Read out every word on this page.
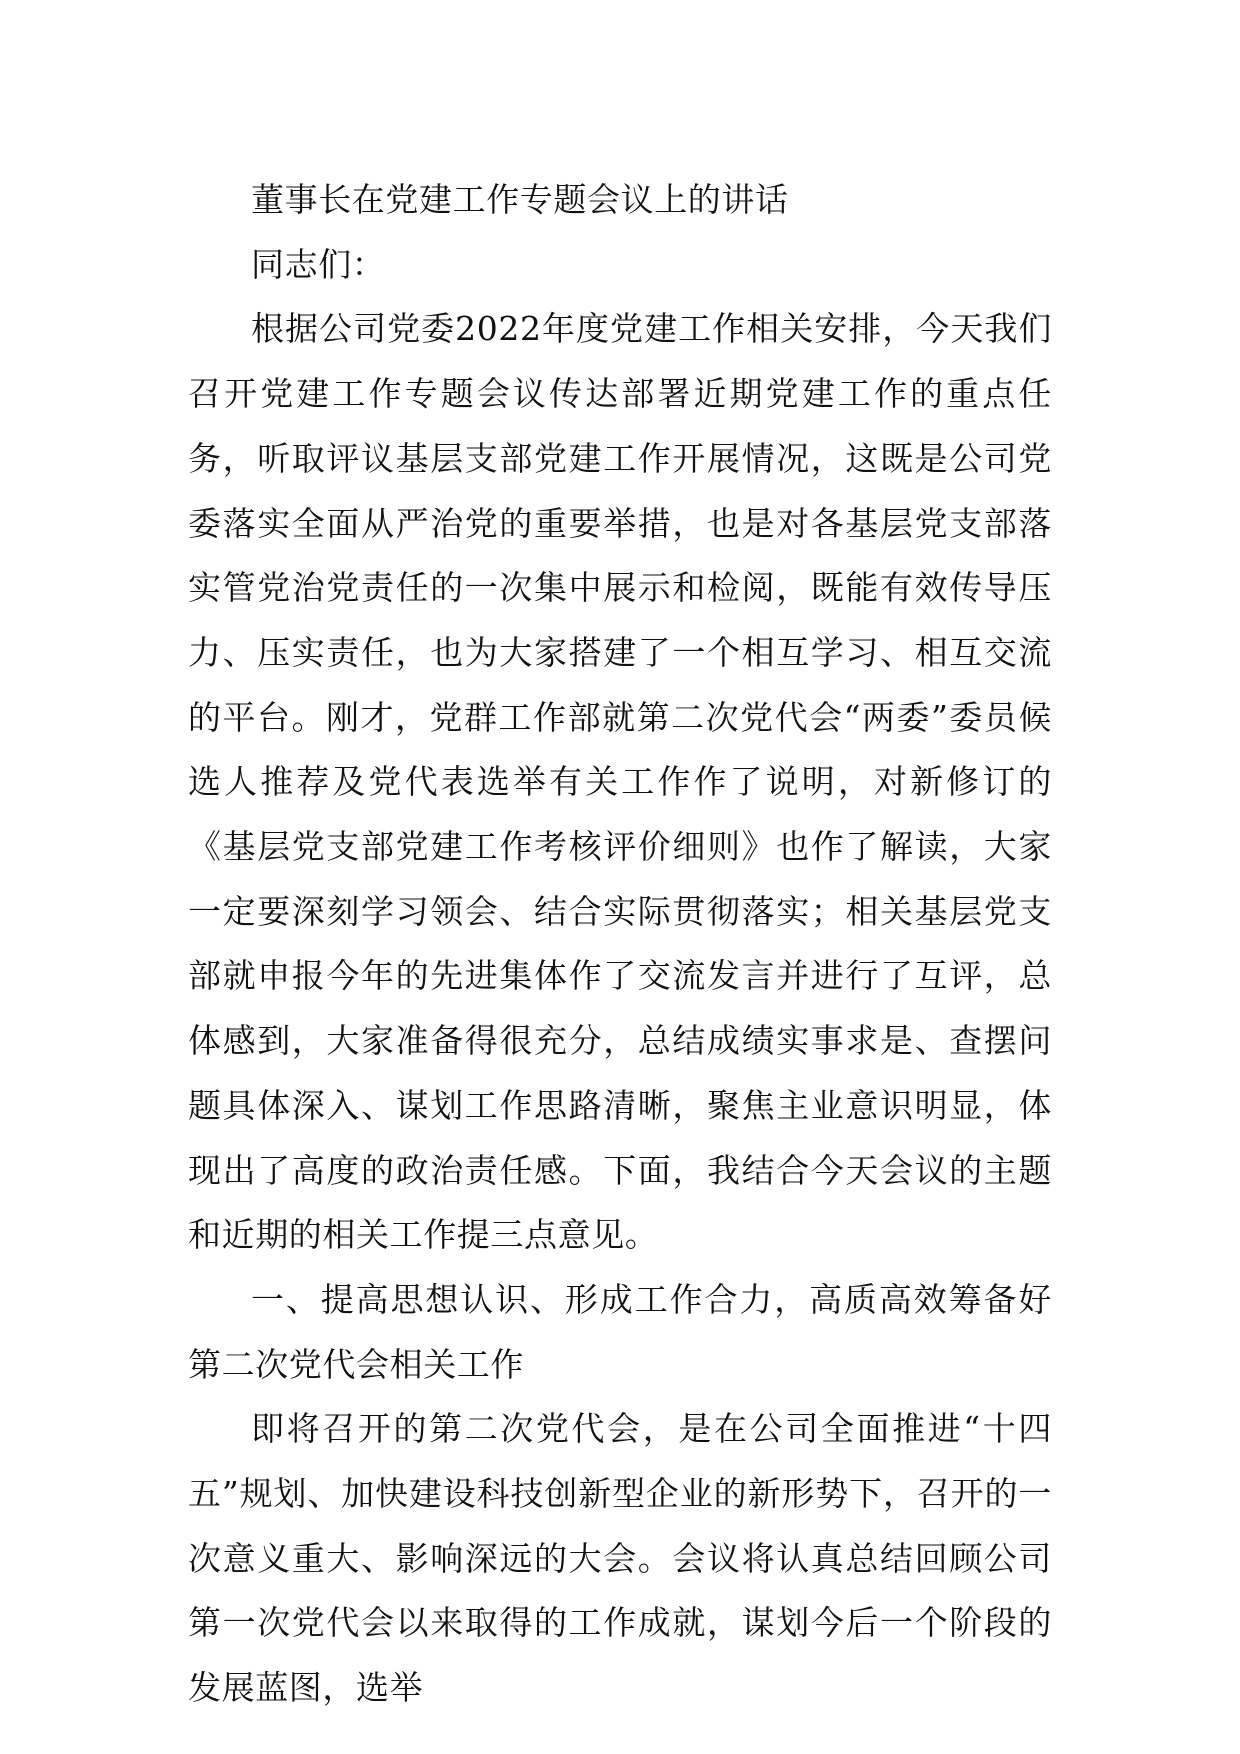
董事长在党建工作专题会议上的讲话

同志们：

根据公司党委2022年度党建工作相关安排，今天我们召开党建工作专题会议传达部署近期党建工作的重点任务，听取评议基层支部党建工作开展情况，这既是公司党委落实全面从严治党的重要举措，也是对各基层党支部落实管党治党责任的一次集中展示和检阅，既能有效传导压力、压实责任，也为大家搭建了一个相互学习、相互交流的平台。刚才，党群工作部就第二次党代会“两委”委员候选人推荐及党代表选举有关工作作了说明，对新修订的《基层党支部党建工作考核评价细则》也作了解读，大家一定要深刻学习领会、结合实际贯彻落实；相关基层党支部就申报今年的先进集体作了交流发言并进行了互评，总体感到，大家准备得很充分，总结成绩实事求是、查摆问题具体深入、谋划工作思路清晰，聚焦主业意识明显，体现出了高度的政治责任感。下面，我结合今天会议的主题和近期的相关工作提三点意见。

一、提高思想认识、形成工作合力，高质高效筹备好第二次党代会相关工作

即将召开的第二次党代会，是在公司全面推进“十四五”规划、加快建设科技创新型企业的新形势下，召开的一次意义重大、影响深远的大会。会议将认真总结回顾公司第一次党代会以来取得的工作成就，谋划今后一个阶段的发展蓝图，选举
